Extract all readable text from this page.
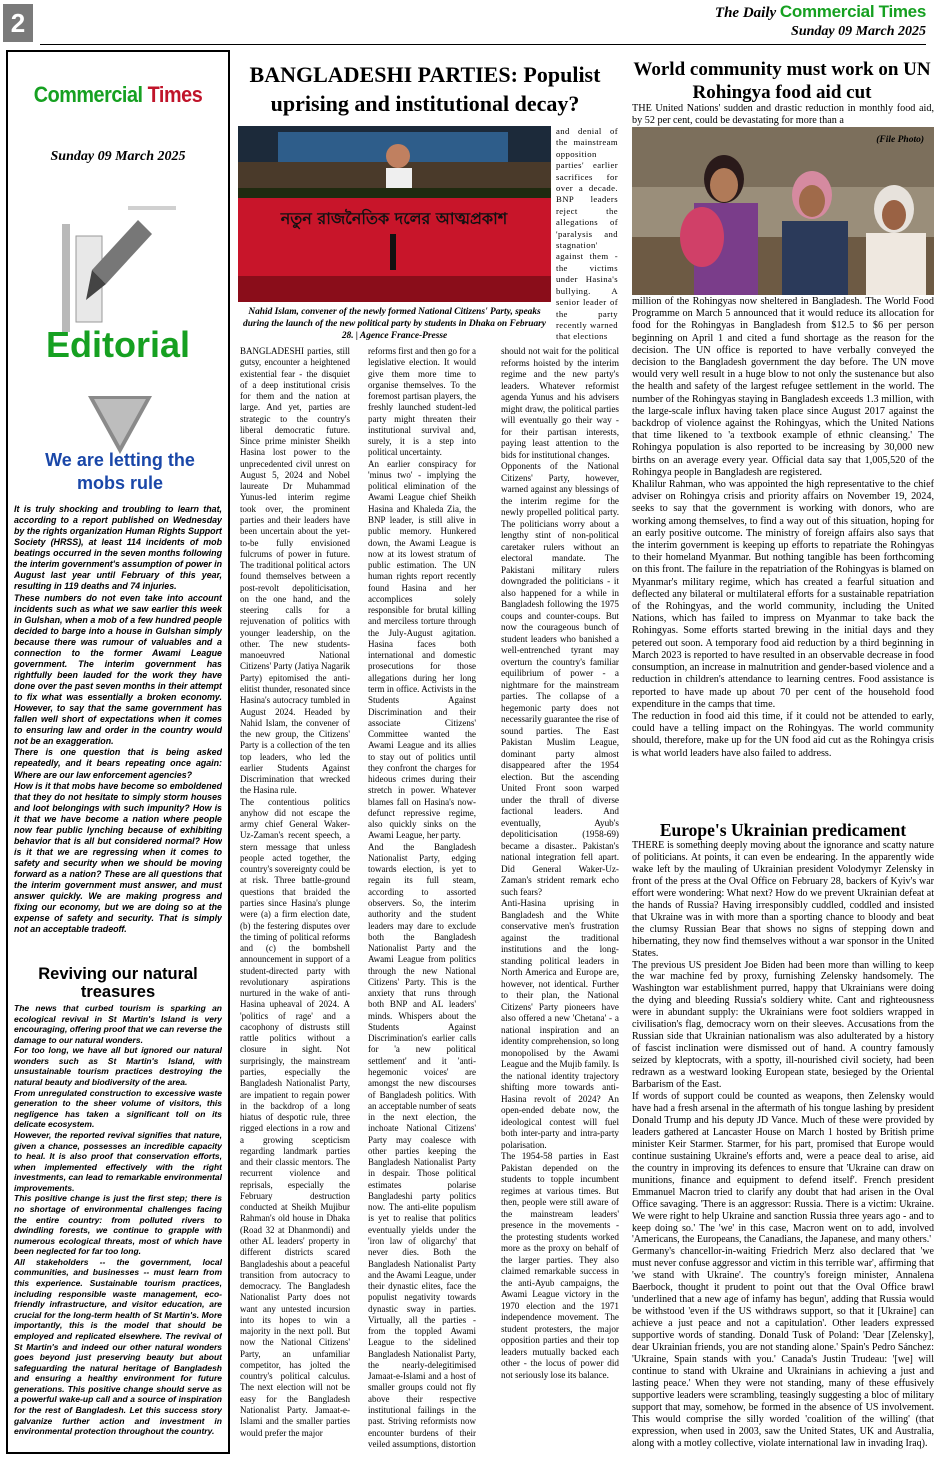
2	The Daily Commercial Times
Sunday 09 March 2025
Commercial Times
Sunday 09 March 2025
Editorial
We are letting the mobs rule

It is truly shocking and troubling to learn that, according to a report published on Wednesday by the rights organization Human Rights Support Society (HRSS), at least 114 incidents of mob beatings occurred in the seven months following the interim government's assumption of power in August last year until February of this year, resulting in 119 deaths and 74 injuries.

These numbers do not even take into account incidents such as what we saw earlier this week in Gulshan, when a mob of a few hundred people decided to barge into a house in Gulshan simply because there was rumour of valuables and a connection to the former Awami League government. The interim government has rightfully been lauded for the work they have done over the past seven months in their attempt to fix what was essentially a broken economy. However, to say that the same government has fallen well short of expectations when it comes to ensuring law and order in the country would not be an exaggeration.

There is one question that is being asked repeatedly, and it bears repeating once again: Where are our law enforcement agencies?

How is it that mobs have become so emboldened that they do not hesitate to simply storm houses and loot belongings with such impunity? How is it that we have become a nation where people now fear public lynching because of exhibiting behavior that is all but considered normal? How is it that we are regressing when it comes to safety and security when we should be moving forward as a nation? These are all questions that the interim government must answer, and must answer quickly. We are making progress and fixing our economy, but we are doing so at the expense of safety and security. That is simply not an acceptable tradeoff.

Reviving our natural treasures

The news that curbed tourism is sparking an ecological revival in St Martin's Island is very encouraging, offering proof that we can reverse the damage to our natural wonders.

For too long, we have all but ignored our natural wonders such as St Martin's Island, with unsustainable tourism practices destroying the natural beauty and biodiversity of the area.

From unregulated construction to excessive waste generation to the sheer volume of visitors, this negligence has taken a significant toll on its delicate ecosystem.

However, the reported revival signifies that nature, given a chance, possesses an incredible capacity to heal. It is also proof that conservation efforts, when implemented effectively with the right investments, can lead to remarkable environmental improvements.

This positive change is just the first step; there is no shortage of environmental challenges facing the entire country: from polluted rivers to dwindling forests, we continue to grapple with numerous ecological threats, most of which have been neglected for far too long.

All stakeholders -- the government, local communities, and businesses -- must learn from this experience. Sustainable tourism practices, including responsible waste management, eco-friendly infrastructure, and visitor education, are crucial for the long-term health of St Martin's. More importantly, this is the model that should be employed and replicated elsewhere. The revival of St Martin's and indeed our other natural wonders goes beyond just preserving beauty but about safeguarding the natural heritage of Bangladesh and ensuring a healthy environment for future generations. This positive change should serve as a powerful wake-up call and a source of inspiration for the rest of Bangladesh. Let this success story galvanize further action and investment in environmental protection throughout the country.

BANGLADESHI PARTIES: Populist uprising and institutional decay?
নতুন রাজনৈতিক দলের আত্মপ্রকাশ
Nahid Islam, convener of the newly formed National Citizens' Party, speaks during the launch of the new political party by students in Dhaka on February 28. | Agence France-Presse

and denial of the mainstream opposition parties' earlier sacrifices for over a decade. BNP leaders reject the allegations of 'paralysis and stagnation' against them - the victims under Hasina's bullying. A senior leader of the party recently warned that elections

BANGLADESHI parties, still gutsy, encounter a heightened existential fear - the disquiet of a deep institutional crisis for them and the nation at large. And yet, parties are strategic to the country's liberal democratic future. Since prime minister Sheikh Hasina lost power to the unprecedented civil unrest on August 5, 2024 and Nobel laureate Dr Muhammad Yunus-led interim regime took over, the prominent parties and their leaders have been uncertain about the yet-to-be fully envisioned fulcrums of power in future. The traditional political actors found themselves between a post-revolt depoliticisation, on the one hand, and the steering calls for a rejuvenation of politics with younger leadership, on the other. The new students-manoeuvred National Citizens' Party (Jatiya Nagarik Party) epitomised the anti-elitist thunder, resonated since Hasina's autocracy tumbled in August 2024. Headed by Nahid Islam, the convener of the new group, the Citizens' Party is a collection of the ten top leaders, who led the earlier Students Against Discrimination that wrecked the Hasina rule.

The contentious politics anyhow did not escape the army chief General Waker-Uz-Zaman's recent speech, a stern message that unless people acted together, the country's sovereignty could be at risk. Three battle-ground questions that braided the parties since Hasina's plunge were (a) a firm election date, (b) the festering disputes over the timing of political reforms and (c) the bombshell announcement in support of a student-directed party with revolutionary aspirations nurtured in the wake of anti-Hasina upheaval of 2024. A 'politics of rage' and a cacophony of distrusts still rattle politics without a closure in sight. Not surprisingly, the mainstream parties, especially the Bangladesh Nationalist Party, are impatient to regain power in the backdrop of a long hiatus of despotic rule, three rigged elections in a row and a growing scepticism regarding landmark parties and their classic mentors. The recurrent violence and reprisals, especially the February destruction conducted at Sheikh Mujibur Rahman's old house in Dhaka (Road 32 at Dhanmondi) and other AL leaders' property in different districts scared Bangladeshis about a peaceful transition from autocracy to democracy. The Bangladesh Nationalist Party does not want any untested incursion into its hopes to win a majority in the next poll. But now the National Citizens' Party, an unfamiliar competitor, has jolted the country's political calculus. The next election will not be easy for the Bangladesh Nationalist Party. Jamaat-e-Islami and the smaller parties would prefer the major

reforms first and then go for a legislative election. It would give them more time to organise themselves. To the foremost partisan players, the freshly launched student-led party might threaten their institutional survival and, surely, it is a step into political uncertainty.

An earlier conspiracy for 'minus two' - implying the political elimination of the Awami League chief Sheikh Hasina and Khaleda Zia, the BNP leader, is still alive in public memory. Hunkered down, the Awami League is now at its lowest stratum of public estimation. The UN human rights report recently found Hasina and her accomplices solely responsible for brutal killing and merciless torture through the July-August agitation. Hasina faces both international and domestic prosecutions for those allegations during her long term in office. Activists in the Students Against Discrimination and their associate Citizens' Committee wanted the Awami League and its allies to stay out of politics until they confront the charges for hideous crimes during their stretch in power. Whatever blames fall on Hasina's now-defunct repressive regime, also quickly sinks on the Awami League, her party.

And the Bangladesh Nationalist Party, edging towards election, is yet to regain its full steam, according to assorted observers. So, the interim authority and the student leaders may dare to exclude both the Bangladesh Nationalist Party and the Awami League from politics through the new National Citizens' Party. This is the anxiety that runs through both BNP and AL leaders' minds. Whispers about the Students Against Discrimination's earlier calls for 'a new political settlement' and it 'anti-hegemonic voices' are amongst the new discourses of Bangladesh politics. With an acceptable number of seats in the next election, the inchoate National Citizens' Party may coalesce with other parties keeping the Bangladesh Nationalist Party in despair. Those political estimates polarise Bangladeshi party politics now. The anti-elite populism is yet to realise that politics eventually yields under the 'iron law of oligarchy' that never dies. Both the Bangladesh Nationalist Party and the Awami League, under their dynastic elites, face the populist negativity towards dynastic sway in parties. Virtually, all the parties - from the toppled Awami League to the sidelined Bangladesh Nationalist Party, the nearly-delegitimised Jamaat-e-Islami and a host of smaller groups could not fly above their respective institutional failings in the past. Striving reformists now encounter burdens of their veiled assumptions, distortion

should not wait for the political reforms hoisted by the interim regime and the new party's leaders. Whatever reformist agenda Yunus and his advisers might draw, the political parties will eventually go their way - for their partisan interests, paying least attention to the bids for institutional changes.

Opponents of the National Citizens' Party, however, warned against any blessings of the interim regime for the newly propelled political party. The politicians worry about a lengthy stint of non-political caretaker rulers without an electoral mandate. The Pakistani military rulers downgraded the politicians - it also happened for a while in Bangladesh following the 1975 coups and counter-coups. But now the courageous bunch of student leaders who banished a well-entrenched tyrant may overturn the country's familiar equilibrium of power - a nightmare for the mainstream parties. The collapse of a hegemonic party does not necessarily guarantee the rise of sound parties. The East Pakistan Muslim League, dominant party almost disappeared after the 1954 election. But the ascending United Front soon warped under the thrall of diverse factional leaders. And eventually, Ayub's depoliticisation (1958-69) became a disaster.. Pakistan's national integration fell apart. Did General Waker-Uz-Zaman's strident remark echo such fears?

Anti-Hasina uprising in Bangladesh and the White conservative men's frustration against the traditional institutions and the long-standing political leaders in North America and Europe are, however, not identical. Further to their plan, the National Citizens' Party pioneers have also offered a new 'Chetana' - a national inspiration and an identity comprehension, so long monopolised by the Awami League and the Mujib family. Is the national identity trajectory shifting more towards anti-Hasina revolt of 2024? An open-ended debate now, the ideological contest will fuel both inter-party and intra-party polarisation.

The 1954-58 parties in East Pakistan depended on the students to topple incumbent regimes at various times. But then, people were still aware of the mainstream leaders' presence in the movements - the protesting students worked more as the proxy on behalf of the larger parties. They also claimed remarkable success in the anti-Ayub campaigns, the Awami League victory in the 1970 election and the 1971 independence movement. The student protesters, the major opposition parties and their top leaders mutually backed each other - the locus of power did not seriously lose its balance.

World community must work on UN Rohingya food aid cut
THE United Nations' sudden and drastic reduction in monthly food aid, by 52 per cent, could be devastating for more than a
(File Photo)

million of the Rohingyas now sheltered in Bangladesh. The World Food Programme on March 5 announced that it would reduce its allocation for food for the Rohingyas in Bangladesh from $12.5 to $6 per person beginning on April 1 and cited a fund shortage as the reason for the decision. The UN office is reported to have verbally conveyed the decision to the Bangladesh government the day before. The UN move would very well result in a huge blow to not only the sustenance but also the health and safety of the largest refugee settlement in the world. The number of the Rohingyas staying in Bangladesh exceeds 1.3 million, with the large-scale influx having taken place since August 2017 against the backdrop of violence against the Rohingyas, which the United Nations that time likened to 'a textbook example of ethnic cleansing.' The Rohingya population is also reported to be increasing by 30,000 new births on an average every year. Official data say that 1,005,520 of the Rohingya people in Bangladesh are registered.

Khalilur Rahman, who was appointed the high representative to the chief adviser on Rohingya crisis and priority affairs on November 19, 2024, seeks to say that the government is working with donors, who are working among themselves, to find a way out of this situation, hoping for an early positive outcome. The ministry of foreign affairs also says that the interim government is keeping up efforts to repatriate the Rohingyas to their homeland Myanmar. But nothing tangible has been forthcoming on this front. The failure in the repatriation of the Rohingyas is blamed on Myanmar's military regime, which has created a fearful situation and deflected any bilateral or multilateral efforts for a sustainable repatriation of the Rohingyas, and the world community, including the United Nations, which has failed to impress on Myanmar to take back the Rohingyas. Some efforts started brewing in the initial days and they petered out soon. A temporary food aid reduction by a third beginning in March 2023 is reported to have resulted in an observable decrease in food consumption, an increase in malnutrition and gender-based violence and a reduction in children's attendance to learning centres. Food assistance is reported to have made up about 70 per cent of the household food expenditure in the camps that time.

The reduction in food aid this time, if it could not be attended to early, could have a telling impact on the Rohingyas. The world community should, therefore, make up for the UN food aid cut as the Rohingya crisis is what world leaders have also failed to address.

Europe's Ukrainian predicament

THERE is something deeply moving about the ignorance and scatty nature of politicians. At points, it can even be endearing. In the apparently wide wake left by the mauling of Ukrainian president Volodymyr Zelensky in front of the press at the Oval Office on February 28, backers of Kyiv's war effort were wondering: What next? How do we prevent Ukrainian defeat at the hands of Russia? Having irresponsibly cuddled, coddled and insisted that Ukraine was in with more than a sporting chance to bloody and beat the clumsy Russian Bear that shows no signs of stepping down and hibernating, they now find themselves without a war sponsor in the United States.

The previous US president Joe Biden had been more than willing to keep the war machine fed by proxy, furnishing Zelensky handsomely. The Washington war establishment purred, happy that Ukrainians were doing the dying and bleeding Russia's soldiery white. Cant and righteousness were in abundant supply: the Ukrainians were foot soldiers wrapped in civilisation's flag, democracy worn on their sleeves. Accusations from the Russian side that Ukrainian nationalism was also adulterated by a history of fascist inclination were dismissed out of hand. A country famously seized by kleptocrats, with a spotty, ill-nourished civil society, had been redrawn as a westward looking European state, besieged by the Oriental Barbarism of the East.

If words of support could be counted as weapons, then Zelensky would have had a fresh arsenal in the aftermath of his tongue lashing by president Donald Trump and his deputy JD Vance. Much of these were provided by leaders gathered at Lancaster House on March 1 hosted by British prime minister Keir Starmer. Starmer, for his part, promised that Europe would continue sustaining Ukraine's efforts and, were a peace deal to arise, aid the country in improving its defences to ensure that 'Ukraine can draw on munitions, finance and equipment to defend itself'. French president Emmanuel Macron tried to clarify any doubt that had arisen in the Oval Office savaging. 'There is an aggressor: Russia. There is a victim: Ukraine. We were right to help Ukraine and sanction Russia three years ago - and to keep doing so.' The 'we' in this case, Macron went on to add, involved 'Americans, the Europeans, the Canadians, the Japanese, and many others.'

Germany's chancellor-in-waiting Friedrich Merz also declared that 'we must never confuse aggressor and victim in this terrible war', affirming that 'we stand with Ukraine'. The country's foreign minister, Annalena Baerbock, thought it prudent to point out that the Oval Office brawl 'underlined that a new age of infamy has begun', adding that Russia would be withstood 'even if the US withdraws support, so that it [Ukraine] can achieve a just peace and not a capitulation'. Other leaders expressed supportive words of standing. Donald Tusk of Poland: 'Dear [Zelensky], dear Ukrainian friends, you are not standing alone.' Spain's Pedro Sánchez: 'Ukraine, Spain stands with you.' Canada's Justin Trudeau: '[we] will continue to stand with Ukraine and Ukrainians in achieving a just and lasting peace.' When they were not standing, many of these effusively supportive leaders were scrambling, teasingly suggesting a bloc of military support that may, somehow, be formed in the absence of US involvement. This would comprise the silly worded 'coalition of the willing' (that expression, when used in 2003, saw the United States, UK and Australia, along with a motley collective, violate international law in invading Iraq).
